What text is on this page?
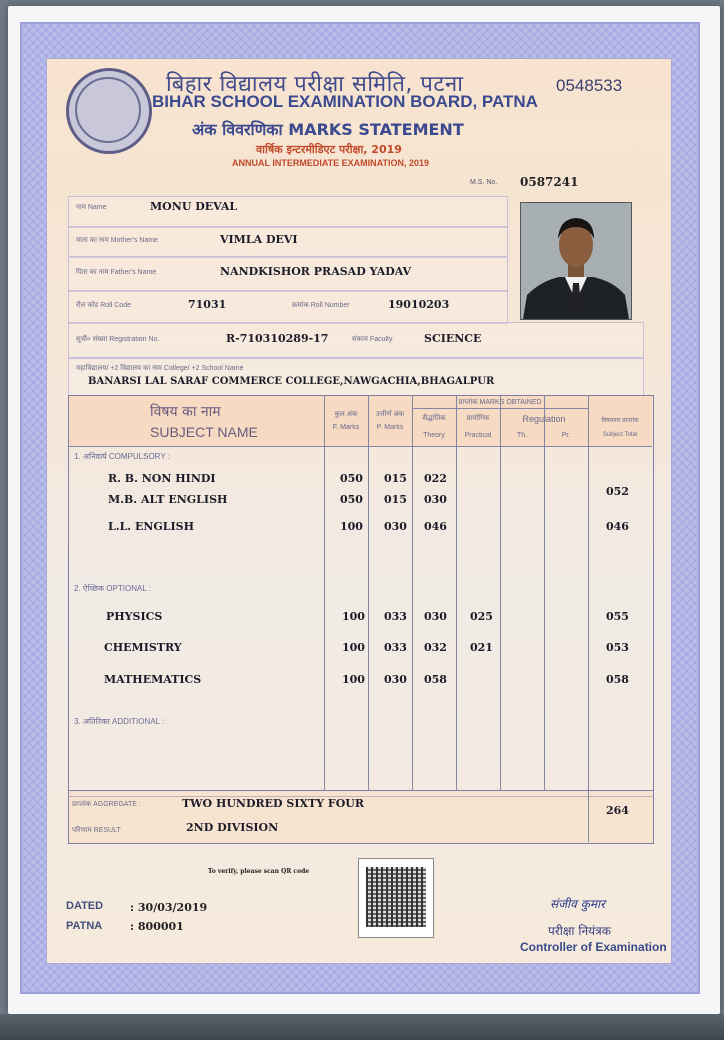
बिहार विद्यालय परीक्षा समिति, पटना
BIHAR SCHOOL EXAMINATION BOARD, PATNA
0548533
अंक विवरणिका MARKS STATEMENT
वार्षिक इन्टरमीडिएट परीक्षा, 2019
ANNUAL INTERMEDIATE EXAMINATION, 2019
M.S. No. 0587241
नाम Name	MONU DEVAL
माता का नाम Mother's Name	VIMLA DEVI
पिता का नाम Father's Name	NANDKISHOR PRASAD YADAV
रौल कोड Roll Code	71031	क्रमांक Roll Number	19010203
सूचीं० संख्या Registration No.	R-710310289-17	संकाय Faculty	SCIENCE
महाविद्यालय/ +2 विद्यालय का नाम College/ +2 School Name
BANARSI LAL SARAF COMMERCE COLLEGE,NAWGACHIA,BHAGALPUR
विषय का नाम
SUBJECT NAME
कुल अंक
F. Marks
उत्तीर्ण अंक
P. Marks
प्राप्तांक MARKS OBTAINED
सैद्धांतिक
Theory
प्रायोगिक
Practical
Regulation
Th.	Pr.
विषयवार प्राप्तांक
Subject Total
1. अनिवार्य COMPULSORY :
2. ऐच्छिक OPTIONAL :
3. अतिरिक्त ADDITIONAL :
R. B. NON HINDI	050 015 022
M.B. ALT ENGLISH	050 015 030
052
L.L. ENGLISH	100 030 046	046
PHYSICS	100 033 030 025	055
CHEMISTRY	100 033 032 021	053
MATHEMATICS	100 030 058	058
प्राप्तांक AGGREGATE :	TWO HUNDRED SIXTY FOUR
264
परिणाम RESULT	2ND DIVISION
To verify, please scan QR code
DATED : 30/03/2019
PATNA	: 800001
संजीव कुमार
परीक्षा नियंत्रक
Controller of Examination
